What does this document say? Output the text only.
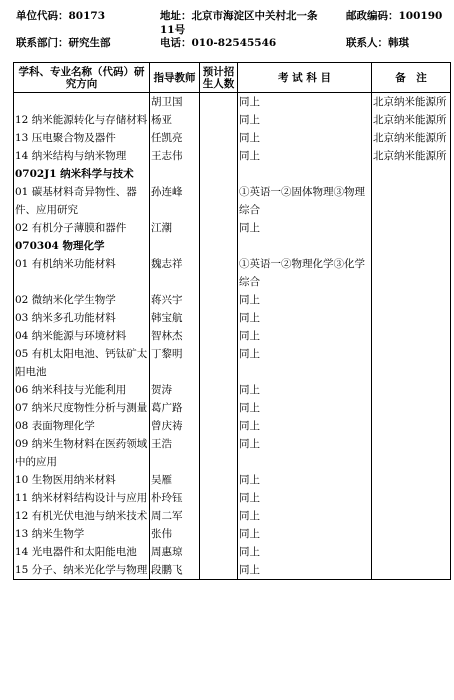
单位代码：80173	地址：北京市海淀区中关村北一条
11号
邮政编码：100190
联系部门：研究生部	电话：010-82545546	联系人：韩琪
学科、专业名称（代码）研究方向	指导教师	预计招生人数	考 试 科 目	备　注
	胡卫国		同上	北京纳米能源所
12 纳米能源转化与存储材料	杨亚		同上	北京纳米能源所
13 压电聚合物及器件	任凯亮		同上	北京纳米能源所
14 纳米结构与纳米物理	王志伟		同上	北京纳米能源所
0702J1 纳米科学与技术				
01 碳基材料奇异物性、器件、应用研究	孙连峰		①英语一②固体物理③物理综合	
02 有机分子薄膜和器件	江潮		同上	
070304 物理化学				
01 有机纳米功能材料	魏志祥		①英语一②物理化学③化学综合	
02 微纳米化学生物学	蒋兴宇		同上	
03 纳米多孔功能材料	韩宝航		同上	
04 纳米能源与环境材料	智林杰		同上	
05 有机太阳电池、钙钛矿太阳电池	丁黎明		同上	
06 纳米科技与光能利用	贺涛		同上	
07 纳米尺度物性分析与测量	葛广路		同上	
08 表面物理化学	曾庆祷		同上	
09 纳米生物材料在医药领域中的应用	王浩		同上	
10 生物医用纳米材料	吴雁		同上	
11 纳米材料结构设计与应用	朴玲钰		同上	
12 有机光伏电池与纳米技术	周二军		同上	
13 纳米生物学	张伟		同上	
14 光电器件和太阳能电池	周惠琼		同上	
15 分子、纳米光化学与物理	段鹏飞		同上	
